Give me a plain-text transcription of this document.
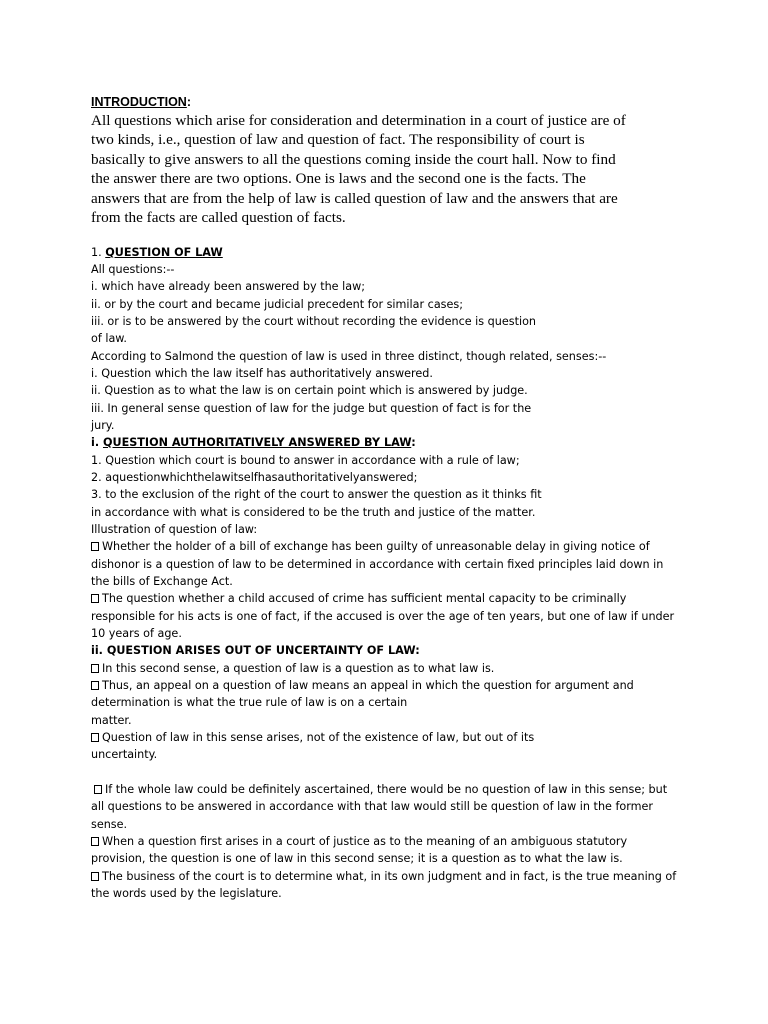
INTRODUCTION:
All questions which arise for consideration and determination in a court of justice are of
two kinds, i.e., question of law and question of fact. The responsibility of court is
basically to give answers to all the questions coming inside the court hall. Now to find
the answer there are two options. One is laws and the second one is the facts. The
answers that are from the help of law is called question of law and the answers that are
from the facts are called question of facts.
1. QUESTION OF LAW
All questions:--
i. which have already been answered by the law;
ii. or by the court and became judicial precedent for similar cases;
iii. or is to be answered by the court without recording the evidence is question
of law.
According to Salmond the question of law is used in three distinct, though related, senses:--
i. Question which the law itself has authoritatively answered.
ii. Question as to what the law is on certain point which is answered by judge.
iii. In general sense question of law for the judge but question of fact is for the
jury.
i. QUESTION AUTHORITATIVELY ANSWERED BY LAW:
1. Question which court is bound to answer in accordance with a rule of law;
2. aquestionwhichthelawitselfhasauthoritativelyanswered;
3. to the exclusion of the right of the court to answer the question as it thinks fit
in accordance with what is considered to be the truth and justice of the matter.
Illustration of question of law:
Whether the holder of a bill of exchange has been guilty of unreasonable delay in giving notice of
dishonor is a question of law to be determined in accordance with certain fixed principles laid down in
the bills of Exchange Act.
The question whether a child accused of crime has sufficient mental capacity to be criminally
responsible for his acts is one of fact, if the accused is over the age of ten years, but one of law if under
10 years of age.
ii. QUESTION ARISES OUT OF UNCERTAINTY OF LAW:
In this second sense, a question of law is a question as to what law is.
Thus, an appeal on a question of law means an appeal in which the question for argument and
determination is what the true rule of law is on a certain
matter.
Question of law in this sense arises, not of the existence of law, but out of its
uncertainty.
If the whole law could be definitely ascertained, there would be no question of law in this sense; but
all questions to be answered in accordance with that law would still be question of law in the former
sense.
When a question first arises in a court of justice as to the meaning of an ambiguous statutory
provision, the question is one of law in this second sense; it is a question as to what the law is.
The business of the court is to determine what, in its own judgment and in fact, is the true meaning of
the words used by the legislature.
